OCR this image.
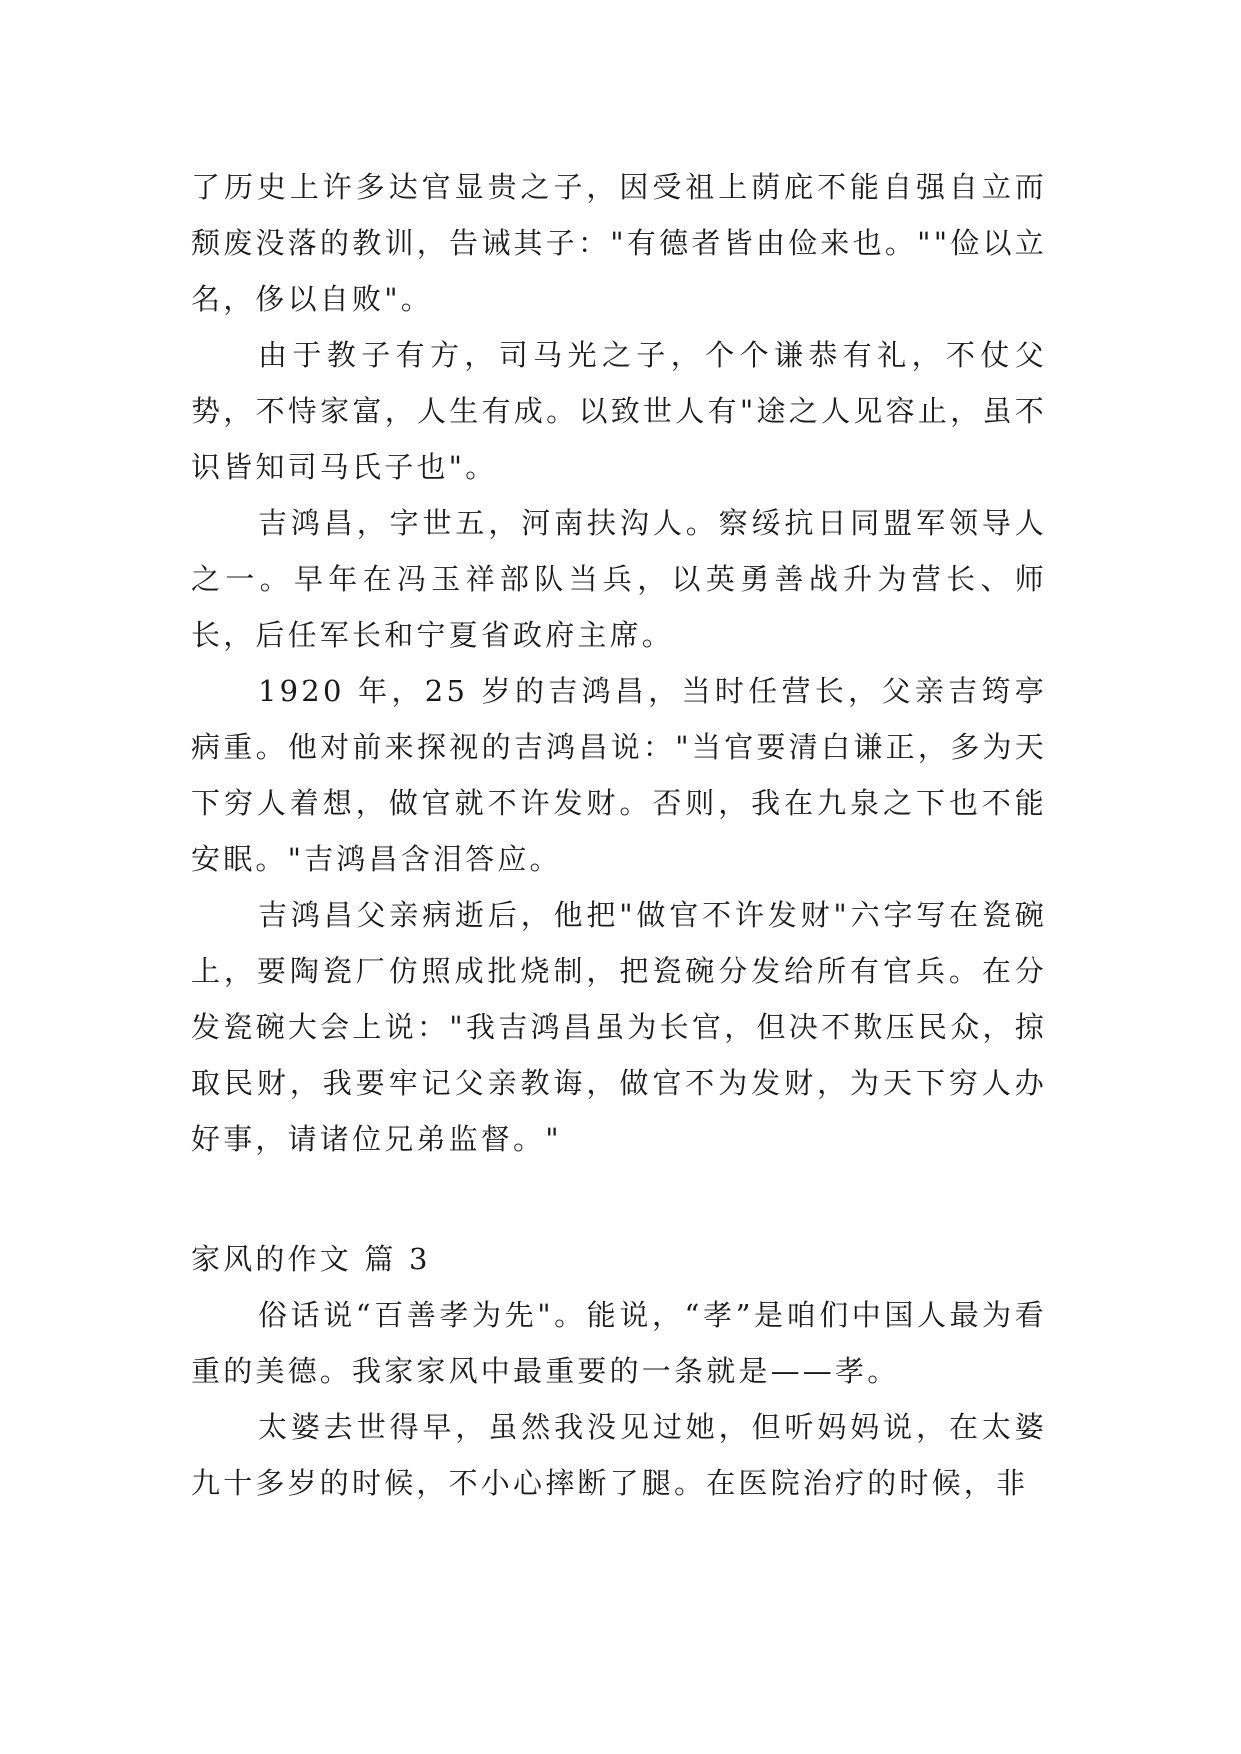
了历史上许多达官显贵之子，因受祖上荫庇不能自强自立而颓废没落的教训，告诫其子："有德者皆由俭来也。""俭以立名，侈以自败"。

由于教子有方，司马光之子，个个谦恭有礼，不仗父势，不恃家富，人生有成。以致世人有"途之人见容止，虽不识皆知司马氏子也"。

吉鸿昌，字世五，河南扶沟人。察绥抗日同盟军领导人之一。早年在冯玉祥部队当兵，以英勇善战升为营长、师长，后任军长和宁夏省政府主席。

1920 年，25 岁的吉鸿昌，当时任营长，父亲吉筠亭病重。他对前来探视的吉鸿昌说："当官要清白谦正，多为天下穷人着想，做官就不许发财。否则，我在九泉之下也不能安眠。"吉鸿昌含泪答应。

吉鸿昌父亲病逝后，他把"做官不许发财"六字写在瓷碗上，要陶瓷厂仿照成批烧制，把瓷碗分发给所有官兵。在分发瓷碗大会上说："我吉鸿昌虽为长官，但决不欺压民众，掠取民财，我要牢记父亲教诲，做官不为发财，为天下穷人办好事，请诸位兄弟监督。"

家风的作文 篇 3

俗话说“百善孝为先"。能说，“孝”是咱们中国人最为看重的美德。我家家风中最重要的一条就是——孝。

太婆去世得早，虽然我没见过她，但听妈妈说，在太婆九十多岁的时候，不小心摔断了腿。在医院治疗的时候，非
